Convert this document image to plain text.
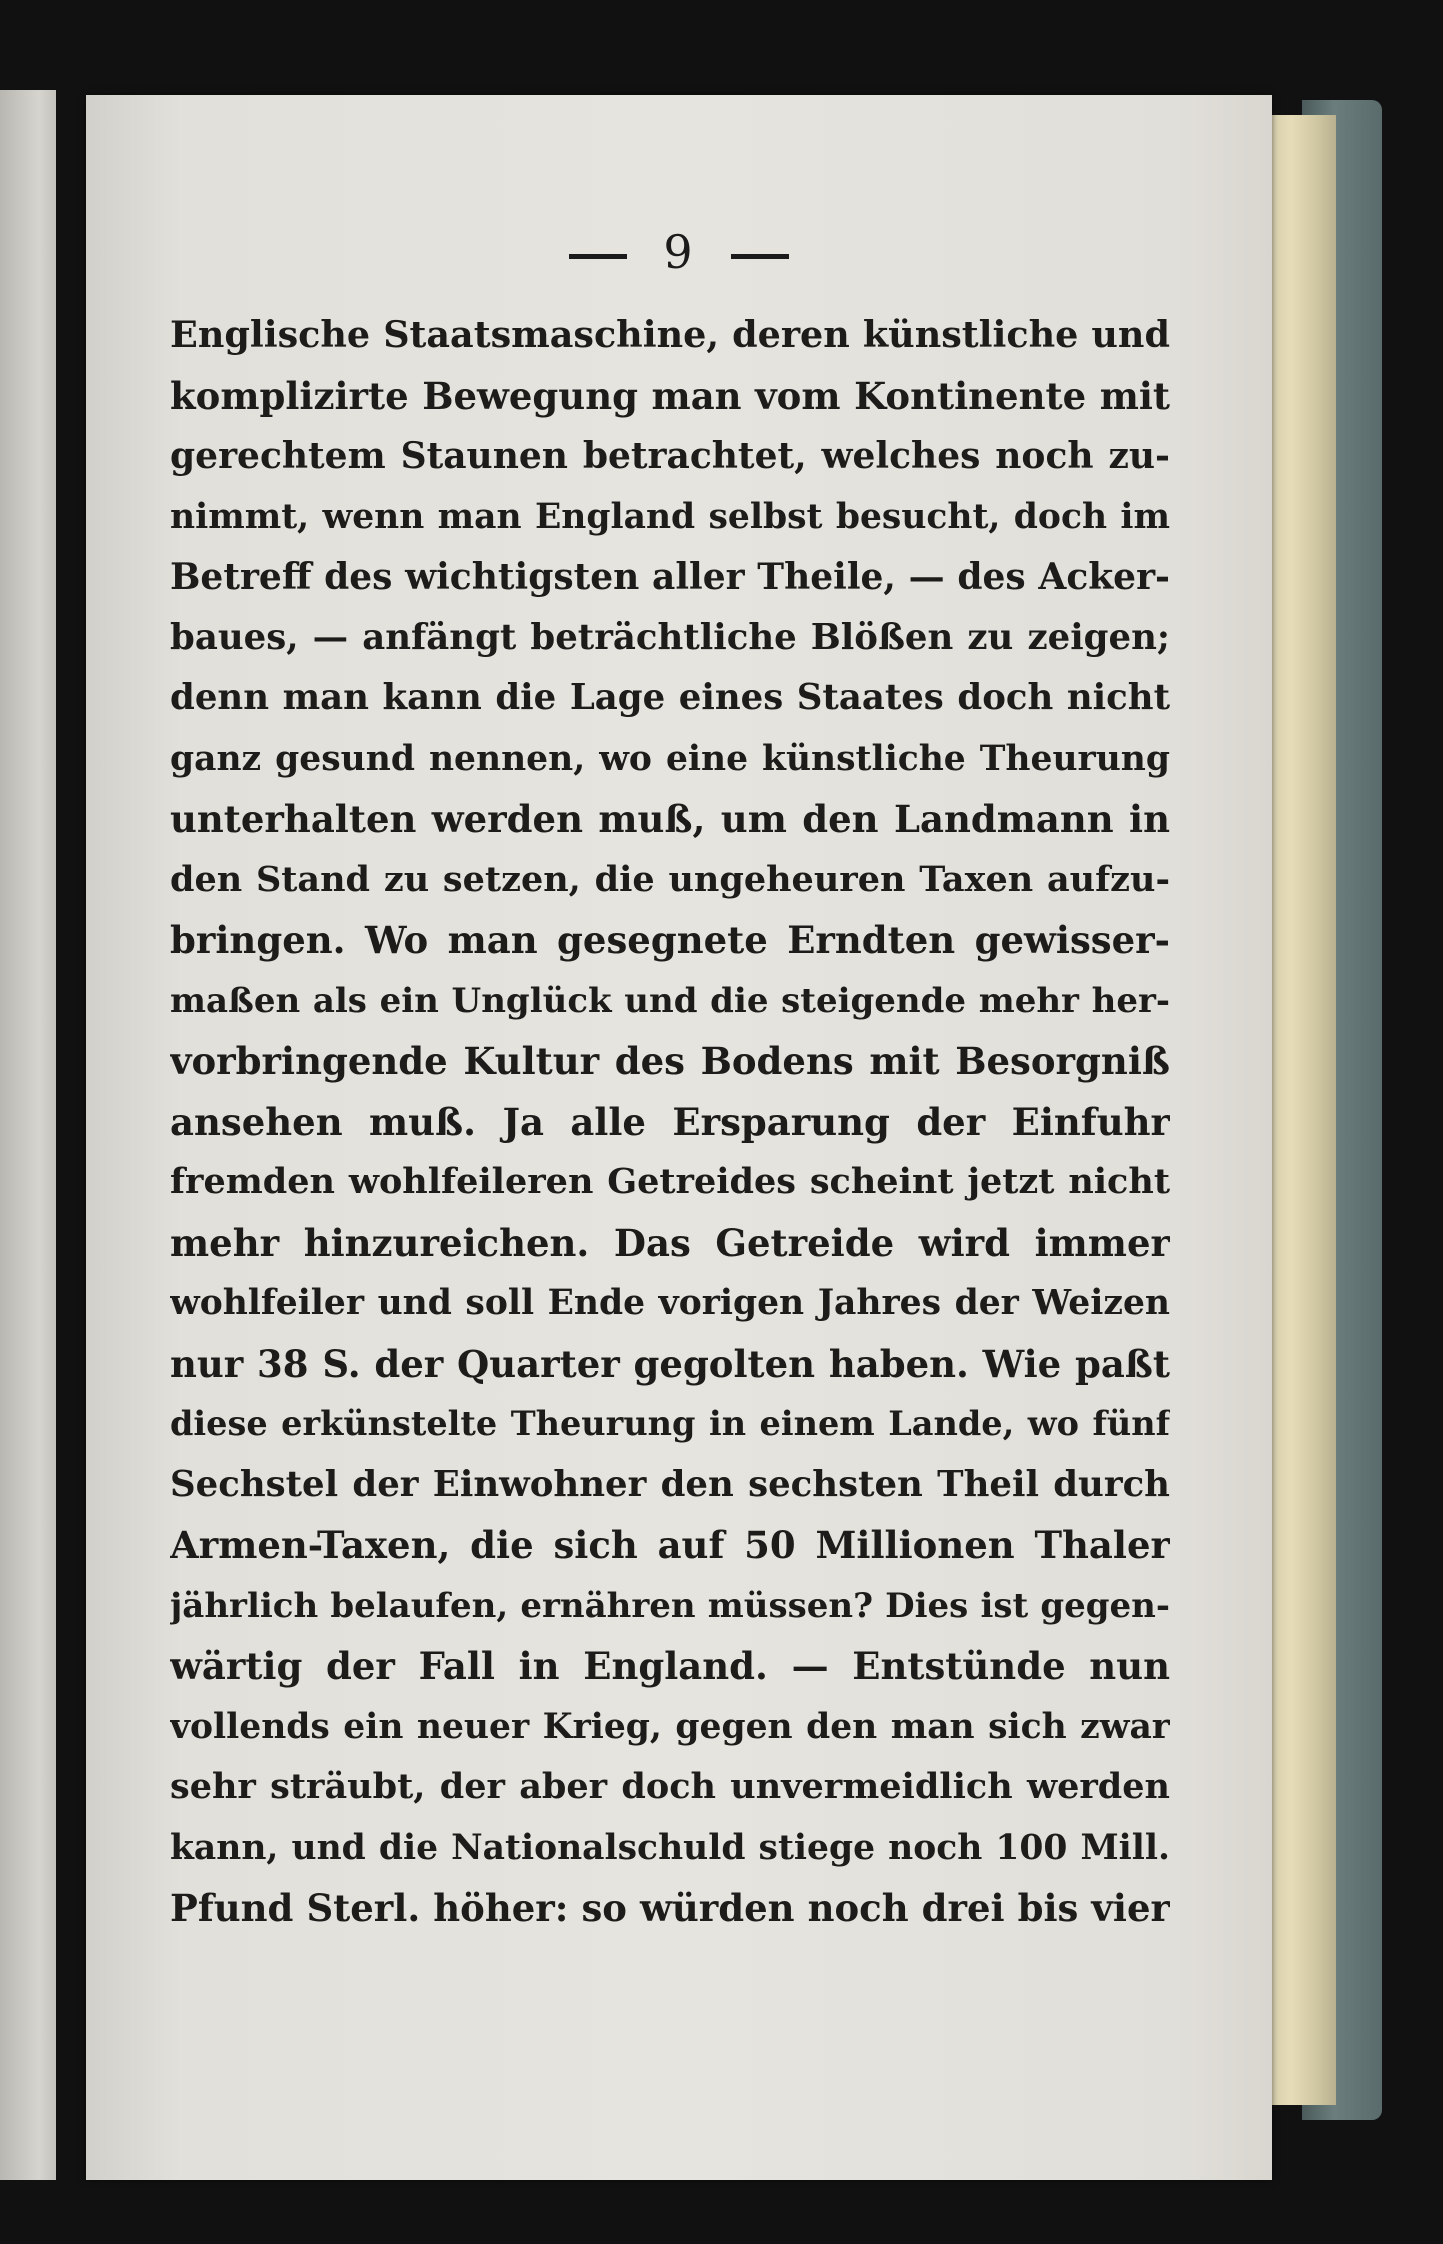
9
Englische Staatsmaschine, deren künstliche und
komplizirte Bewegung man vom Kontinente mit
gerechtem Staunen betrachtet, welches noch zu-
nimmt, wenn man England selbst besucht, doch im
Betreff des wichtigsten aller Theile, — des Acker-
baues, — anfängt beträchtliche Blößen zu zeigen;
denn man kann die Lage eines Staates doch nicht
ganz gesund nennen, wo eine künstliche Theurung
unterhalten werden muß, um den Landmann in
den Stand zu setzen, die ungeheuren Taxen aufzu-
bringen. Wo man gesegnete Erndten gewisser-
maßen als ein Unglück und die steigende mehr her-
vorbringende Kultur des Bodens mit Besorgniß
ansehen muß. Ja alle Ersparung der Einfuhr
fremden wohlfeileren Getreides scheint jetzt nicht
mehr hinzureichen. Das Getreide wird immer
wohlfeiler und soll Ende vorigen Jahres der Weizen
nur 38 S. der Quarter gegolten haben. Wie paßt
diese erkünstelte Theurung in einem Lande, wo fünf
Sechstel der Einwohner den sechsten Theil durch
Armen-Taxen, die sich auf 50 Millionen Thaler
jährlich belaufen, ernähren müssen? Dies ist gegen-
wärtig der Fall in England. — Entstünde nun
vollends ein neuer Krieg, gegen den man sich zwar
sehr sträubt, der aber doch unvermeidlich werden
kann, und die Nationalschuld stiege noch 100 Mill.
Pfund Sterl. höher: so würden noch drei bis vier
